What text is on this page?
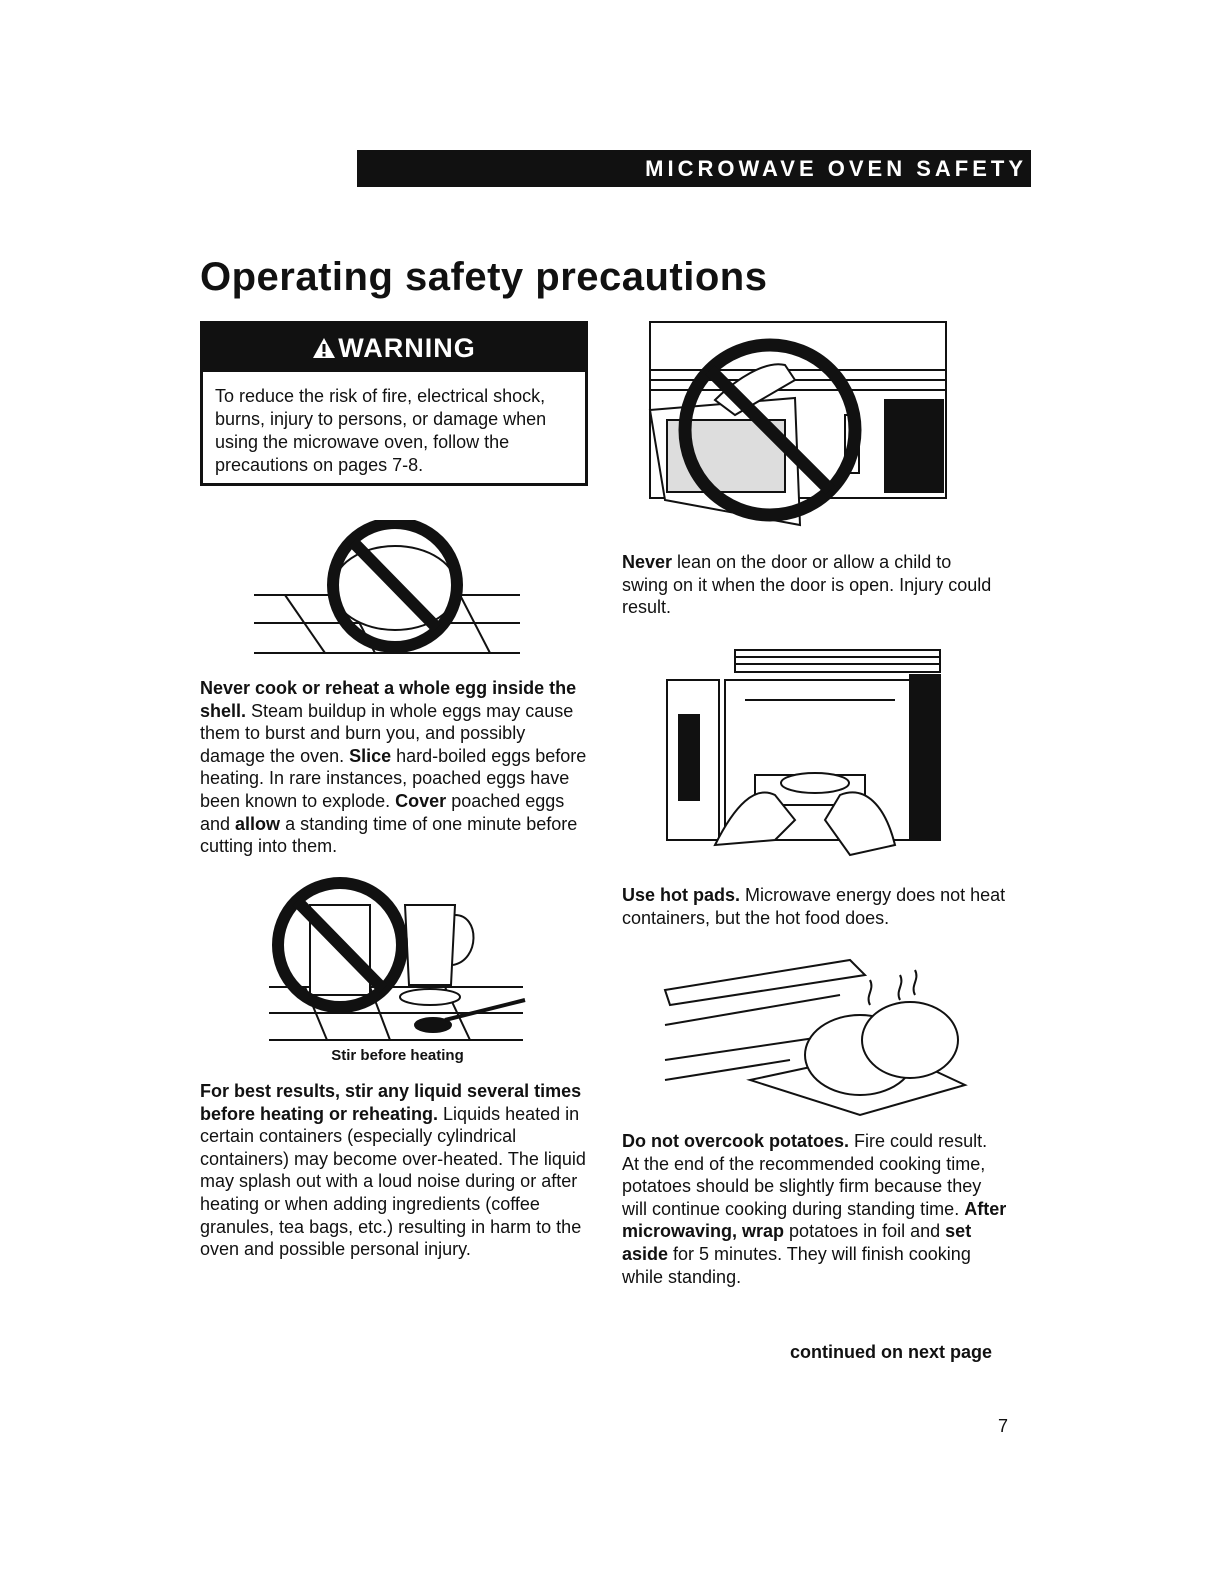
MICROWAVE OVEN SAFETY
Operating safety precautions
WARNING
To reduce the risk of fire, electrical shock, burns, injury to persons, or damage when using the microwave oven, follow the precautions on pages 7-8.
Never cook or reheat a whole egg inside the shell. Steam buildup in whole eggs may cause them to burst and burn you, and possibly damage the oven. Slice hard-boiled eggs before heating. In rare instances, poached eggs have been known to explode. Cover poached eggs and allow a standing time of one minute before cutting into them.
Stir before heating
For best results, stir any liquid several times before heating or reheating. Liquids heated in certain containers (especially cylindrical containers) may become over-heated. The liquid may splash out with a loud noise during or after heating or when adding ingredients (coffee granules, tea bags, etc.) resulting in harm to the oven and possible personal injury.
Never lean on the door or allow a child to swing on it when the door is open. Injury could result.
Use hot pads. Microwave energy does not heat containers, but the hot food does.
Do not overcook potatoes. Fire could result. At the end of the recommended cooking time, potatoes should be slightly firm because they will continue cooking during standing time. After microwaving, wrap potatoes in foil and set aside for 5 minutes. They will finish cooking while standing.
continued on next page
7
